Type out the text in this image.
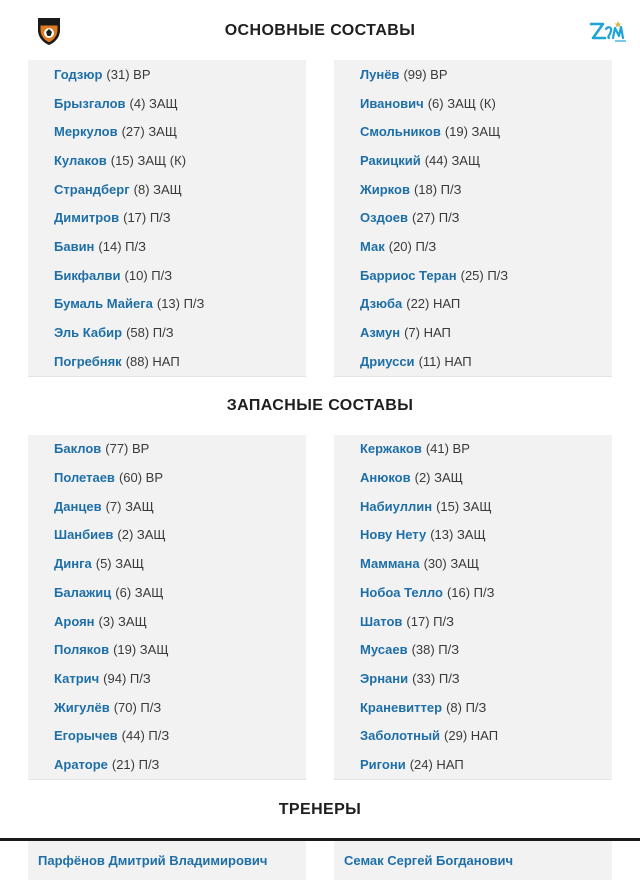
ОСНОВНЫЕ СОСТАВЫ
Годзюр (31) ВР
Брызгалов (4) ЗАЩ
Меркулов (27) ЗАЩ
Кулаков (15) ЗАЩ (К)
Страндберг (8) ЗАЩ
Димитров (17) П/З
Бавин (14) П/З
Бикфалви (10) П/З
Бумаль Майега (13) П/З
Эль Кабир (58) П/З
Погребняк (88) НАП
Лунёв (99) ВР
Иванович (6) ЗАЩ (К)
Смольников (19) ЗАЩ
Ракицкий (44) ЗАЩ
Жирков (18) П/З
Оздоев (27) П/З
Мак (20) П/З
Барриос Теран (25) П/З
Дзюба (22) НАП
Азмун (7) НАП
Дриусси (11) НАП
ЗАПАСНЫЕ СОСТАВЫ
Баклов (77) ВР
Полетаев (60) ВР
Данцев (7) ЗАЩ
Шанбиев (2) ЗАЩ
Динга (5) ЗАЩ
Балажиц (6) ЗАЩ
Ароян (3) ЗАЩ
Поляков (19) ЗАЩ
Катрич (94) П/З
Жигулёв (70) П/З
Егорычев (44) П/З
Араторе (21) П/З
Кержаков (41) ВР
Анюков (2) ЗАЩ
Набиуллин (15) ЗАЩ
Нову Нету (13) ЗАЩ
Маммана (30) ЗАЩ
Нобоа Телло (16) П/З
Шатов (17) П/З
Мусаев (38) П/З
Эрнани (33) П/З
Краневиттер (8) П/З
Заболотный (29) НАП
Ригони (24) НАП
ТРЕНЕРЫ
Парфёнов Дмитрий Владимирович	Семак Сергей Богданович
